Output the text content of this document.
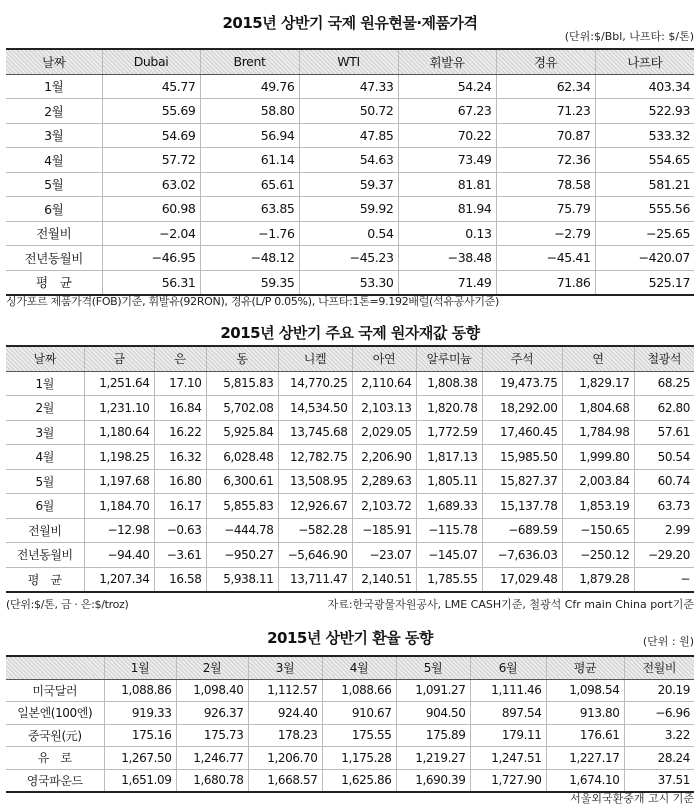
2015년 상반기 국제 원유현물·제품가격
(단위:$/Bbl, 나프타: $/톤)
날짜	Dubai	Brent	WTI	휘발유	경유	나프타
1월	45.77	49.76	47.33	54.24	62.34	403.34
2월	55.69	58.80	50.72	67.23	71.23	522.93
3월	54.69	56.94	47.85	70.22	70.87	533.32
4월	57.72	61.14	54.63	73.49	72.36	554.65
5월	63.02	65.61	59.37	81.81	78.58	581.21
6월	60.98	63.85	59.92	81.94	75.79	555.56
전월비	−2.04	−1.76	0.54	0.13	−2.79	−25.65
전년동월비	−46.95	−48.12	−45.23	−38.48	−45.41	−420.07
평　균	56.31	59.35	53.30	71.49	71.86	525.17
싱가포르 제품가격(FOB)기준, 휘발유(92RON), 경유(L/P 0.05%), 나프타:1톤=9.192배럴(석유공사기준)
2015년 상반기 주요 국제 원자재값 동향
날짜	금	은	동	니켈	아연	알루미늄	주석	연	철광석
1월	1,251.64	17.10	5,815.83	14,770.25	2,110.64	1,808.38	19,473.75	1,829.17	68.25
2월	1,231.10	16.84	5,702.08	14,534.50	2,103.13	1,820.78	18,292.00	1,804.68	62.80
3월	1,180.64	16.22	5,925.84	13,745.68	2,029.05	1,772.59	17,460.45	1,784.98	57.61
4월	1,198.25	16.32	6,028.48	12,782.75	2,206.90	1,817.13	15,985.50	1,999.80	50.54
5월	1,197.68	16.80	6,300.61	13,508.95	2,289.63	1,805.11	15,827.37	2,003.84	60.74
6월	1,184.70	16.17	5,855.83	12,926.67	2,103.72	1,689.33	15,137.78	1,853.19	63.73
전월비	−12.98	−0.63	−444.78	−582.28	−185.91	−115.78	−689.59	−150.65	2.99
전년동월비	−94.40	−3.61	−950.27	−5,646.90	−23.07	−145.07	−7,636.03	−250.12	−29.20
평　균	1,207.34	16.58	5,938.11	13,711.47	2,140.51	1,785.55	17,029.48	1,879.28	−
(단위:$/톤, 금 · 은:$/troz)	자료:한국광물자원공사, LME CASH기준, 철광석 Cfr main China port기준
2015년 상반기 환율 동향	(단위 : 원)
	1월	2월	3월	4월	5월	6월	평균	전월비
미국달러	1,088.86	1,098.40	1,112.57	1,088.66	1,091.27	1,111.46	1,098.54	20.19
일본엔(100엔)	919.33	926.37	924.40	910.67	904.50	897.54	913.80	−6.96
중국원(元)	175.16	175.73	178.23	175.55	175.89	179.11	176.61	3.22
유　로	1,267.50	1,246.77	1,206.70	1,175.28	1,219.27	1,247.51	1,227.17	28.24
영국파운드	1,651.09	1,680.78	1,668.57	1,625.86	1,690.39	1,727.90	1,674.10	37.51
서울외국환중개 고시 기준
